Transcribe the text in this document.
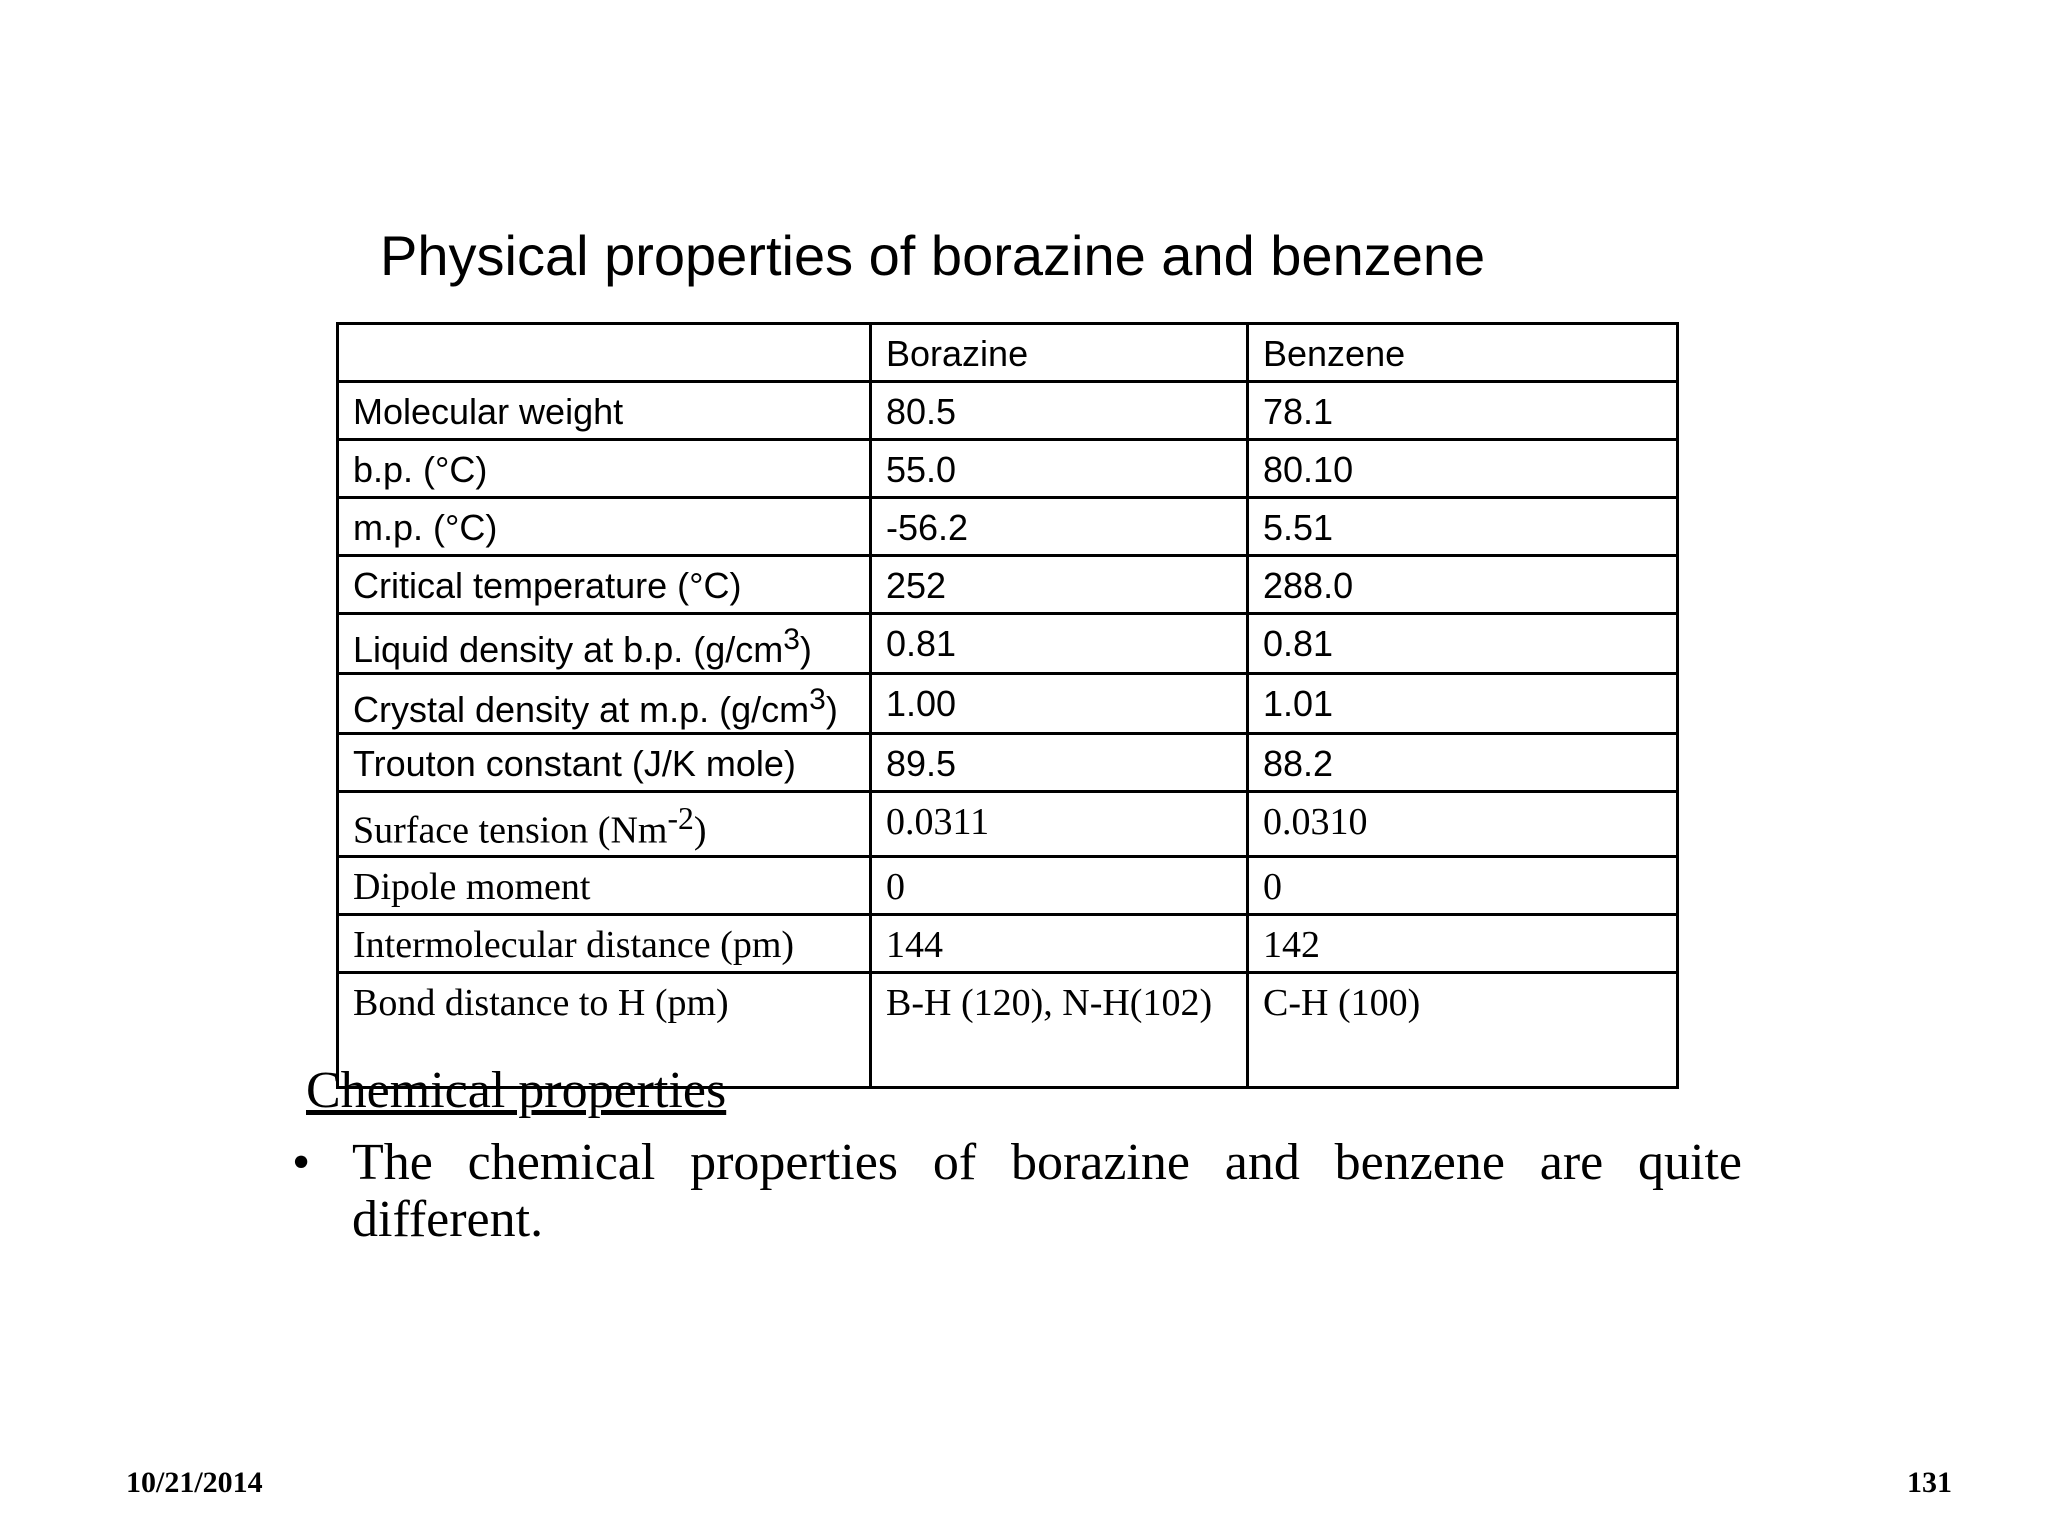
Physical properties of borazine and benzene
	Borazine	Benzene
Molecular weight	80.5	78.1
b.p. (°C)	55.0	80.10
m.p. (°C)	-56.2	5.51
Critical temperature (°C)	252	288.0
Liquid density at b.p. $(g/cm^3)$	0.81	0.81
Crystal density at m.p. $(g/cm^3)$	1.00	1.01
Trouton constant (J/K mole)	89.5	88.2
Surface tension $(Nm^{-2})$	0.0311	0.0310
Dipole moment	0	0
Intermolecular distance (pm)	144	142
Bond distance to H (pm)	B-H (120), N-H(102)	C-H (100)
Chemical properties
• The chemical properties of borazine and benzene are quite different.
10/21/2014	131
